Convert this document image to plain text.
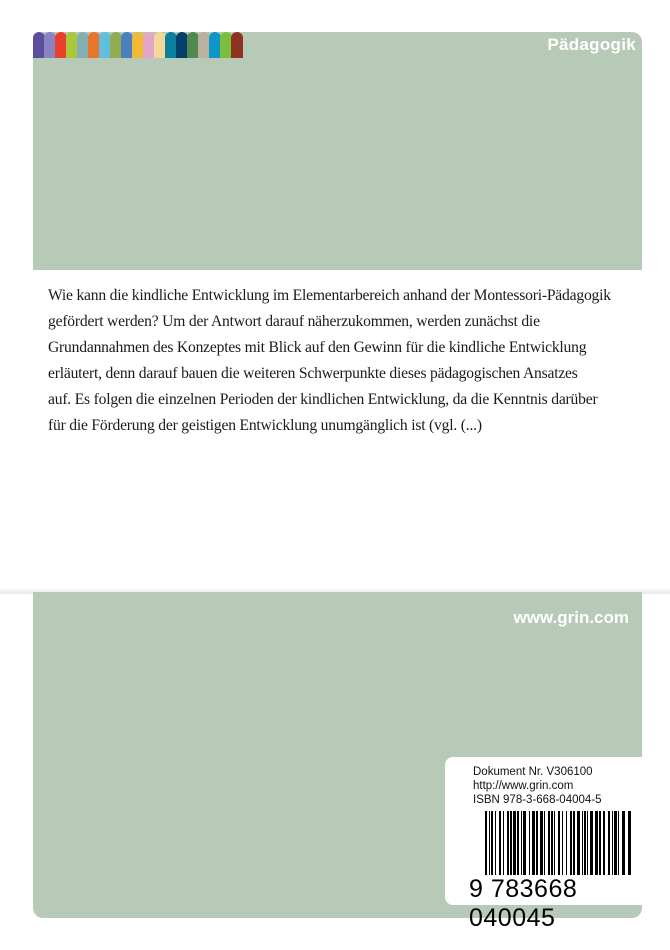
Pädagogik
Wie kann die kindliche Entwicklung im Elementarbereich anhand der Montessori-Pädagogik
gefördert werden? Um der Antwort darauf näherzukommen, werden zunächst die
Grundannahmen des Konzeptes mit Blick auf den Gewinn für die kindliche Entwicklung
erläutert, denn darauf bauen die weiteren Schwerpunkte dieses pädagogischen Ansatzes
auf. Es folgen die einzelnen Perioden der kindlichen Entwicklung, da die Kenntnis darüber
für die Förderung der geistigen Entwicklung unumgänglich ist (vgl. (...)
www.grin.com
Dokument Nr. V306100
http://www.grin.com
ISBN 978-3-668-04004-5
9 783668 040045
